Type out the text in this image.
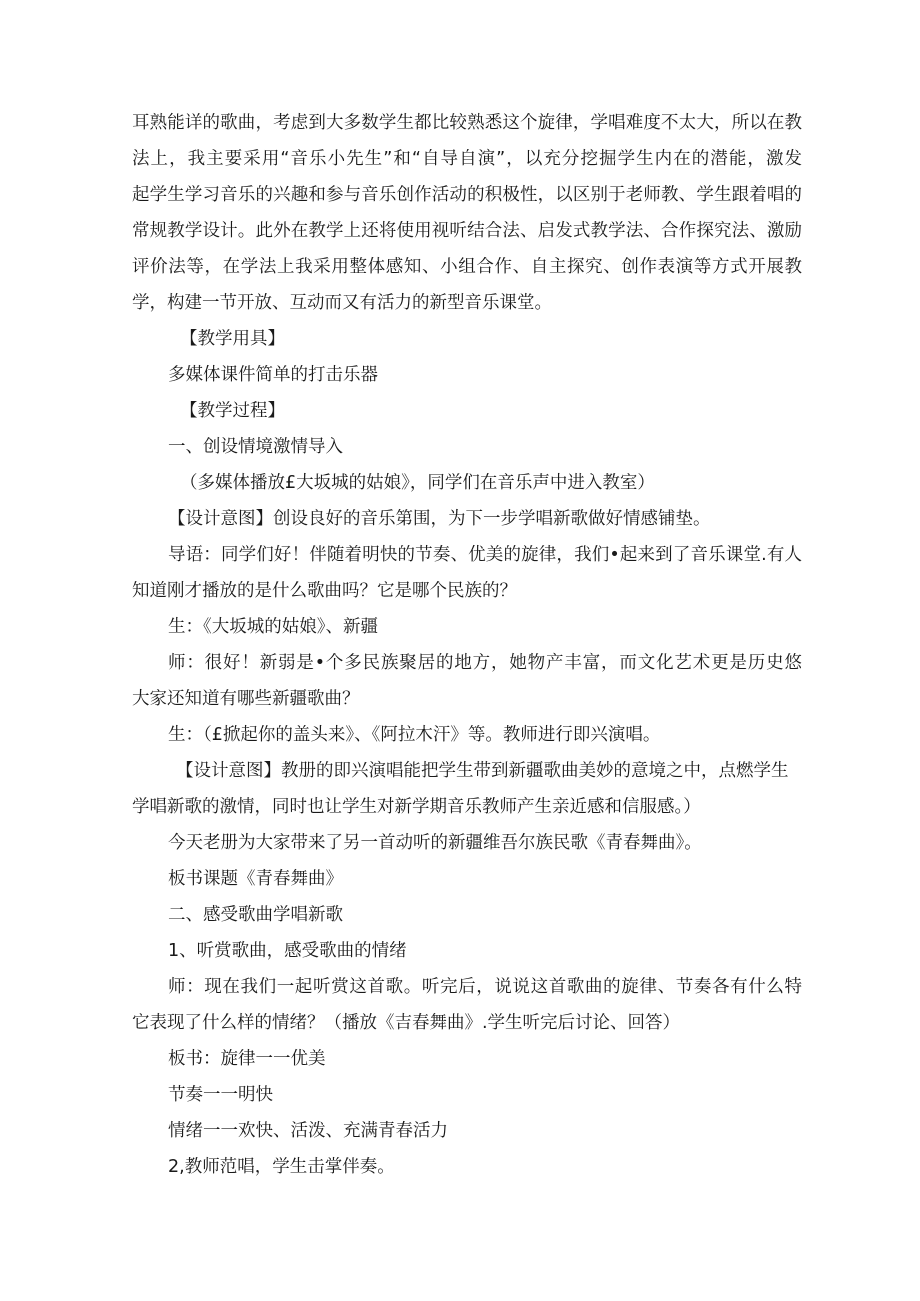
耳熟能详的歌曲，考虑到大多数学生都比较熟悉这个旋律，学唱难度不太大，所以在教
法上，我主要采用“音乐小先生”和“自导自演”，以充分挖掘学生内在的潜能，激发
起学生学习音乐的兴趣和参与音乐创作活动的积极性，以区别于老师教、学生跟着唱的
常规教学设计。此外在教学上还将使用视听结合法、启发式教学法、合作探究法、激励
评价法等，在学法上我采用整体感知、小组合作、自主探究、创作表演等方式开展教
学，构建一节开放、互动而又有活力的新型音乐课堂。
【教学用具】
多媒体课件简单的打击乐器
【教学过程】
一、创设情境激情导入
（多媒体播放£大坂城的姑娘》，同学们在音乐声中进入教室）
【设计意图】创设良好的音乐第围，为下一步学唱新歌做好情感铺垫。
导语：同学们好！伴随着明快的节奏、优美的旋律，我们•起来到了音乐课堂.有人
知道刚才播放的是什么歌曲吗？它是哪个民族的？
生：《大坂城的姑娘》、新疆
师：很好！新弱是•个多民族聚居的地方，她物产丰富，而文化艺术更是历史悠
大家还知道有哪些新疆歌曲？
生：（£掀起你的盖头来》、《阿拉木汗》等。教师进行即兴演唱。
【设计意图】教册的即兴演唱能把学生带到新疆歌曲美妙的意境之中，点燃学生
学唱新歌的激情，同时也让学生对新学期音乐教师产生亲近感和信服感。）
今天老册为大家带来了另一首动听的新疆维吾尔族民歌《青春舞曲》。
板书课题《青春舞曲》
二、感受歌曲学唱新歌
1、听赏歌曲，感受歌曲的情绪
师：现在我们一起听赏这首歌。听完后，说说这首歌曲的旋律、节奏各有什么特
它表现了什么样的情绪？（播放《吉春舞曲》.学生听完后讨论、回答）
板书：旋律一一优美
节奏一一明快
情绪一一欢快、活泼、充满青春活力
2,教师范唱，学生击掌伴奏。
